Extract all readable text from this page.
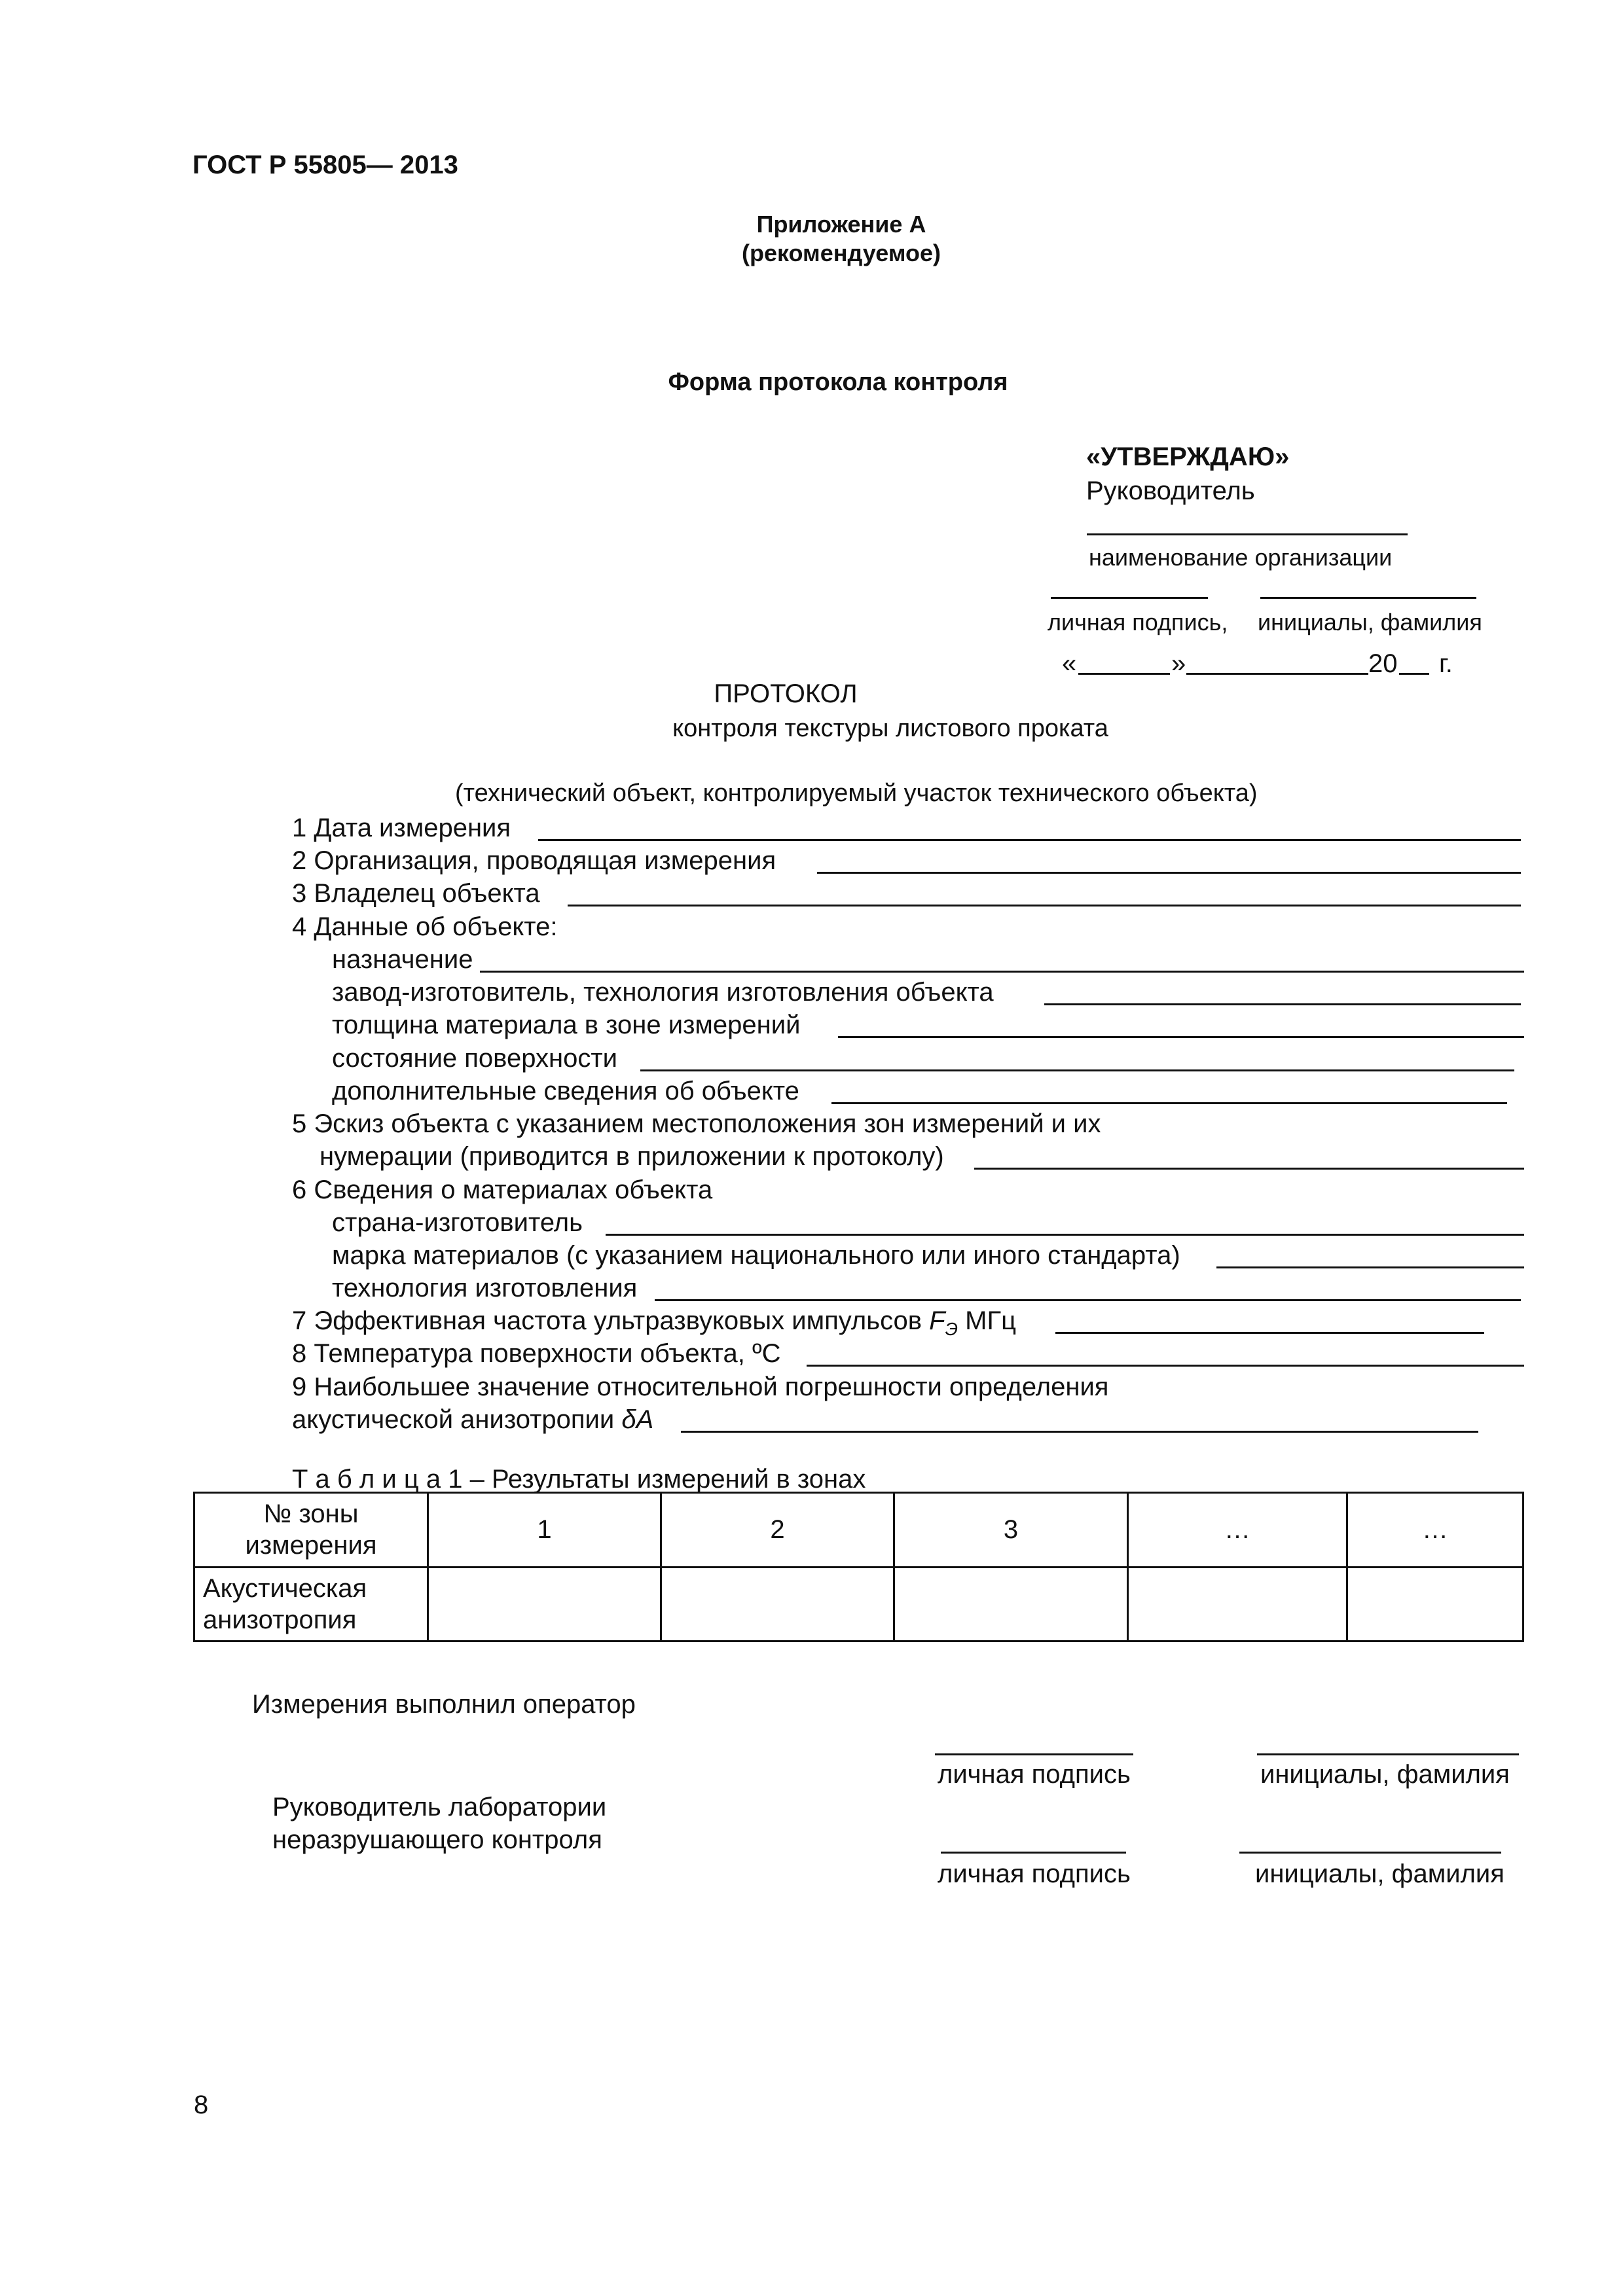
ГОСТ Р 55805— 2013
Приложение А
(рекомендуемое)
Форма протокола контроля
«УТВЕРЖДАЮ»
Руководитель
наименование организации
личная подпись, инициалы, фамилия
«	»	20 г.
ПРОТОКОЛ
контроля текстуры листового проката
(технический объект, контролируемый участок технического объекта)
1 Дата измерения
2 Организация, проводящая измерения
3 Владелец объекта
4 Данные об объекте:
назначение
завод-изготовитель, технология изготовления объекта
толщина материала в зоне измерений
состояние поверхности
дополнительные сведения об объекте
5 Эскиз объекта с указанием местоположения зон измерений и их
нумерации (приводится в приложении к протоколу)
6 Сведения о материалах объекта
страна-изготовитель
марка материалов (с указанием национального или иного стандарта)
технология изготовления
7 Эффективная частота ультразвуковых импульсов $F_Э$ МГц
8 Температура поверхности объекта, ºС
9 Наибольшее значение относительной погрешности определения
акустической анизотропии δА
Т а б л и ц а 1 – Результаты измерений в зонах
№ зоны измерения	1	2	3	…	…
Акустическая анизотропия					
Измерения выполнил оператор
личная подпись	инициалы, фамилия
Руководитель лаборатории
неразрушающего контроля
личная подпись	инициалы, фамилия
8
